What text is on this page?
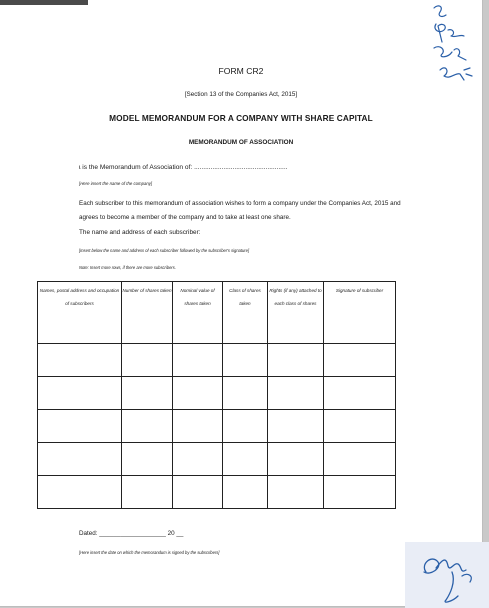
FORM CR2
[Section 13 of the Companies Act, 2015]
MODEL MEMORANDUM FOR A COMPANY WITH SHARE CAPITAL
MEMORANDUM OF ASSOCIATION
ɩ is the Memorandum of Association of: ...................................................
[Here insert the name of the company]
Each subscriber to this memorandum of association wishes to form a company under the Companies Act, 2015 and agrees to become a member of the company and to take at least one share.
The name and address of each subscriber:
[Insert below the name and address of each subscriber followed by the subscriber's signature]
Note: Insert more rows, if there are more subscribers.
Names, postal address and occupation of subscribers	Number of shares taken	Nominal value of shares taken	Class of shares taken	Rights (if any) attached to each class of shares	Signature of subscriber

Dated: ___________________ 20 __
[Here insert the date on which the memorandum is signed by the subscribers]
